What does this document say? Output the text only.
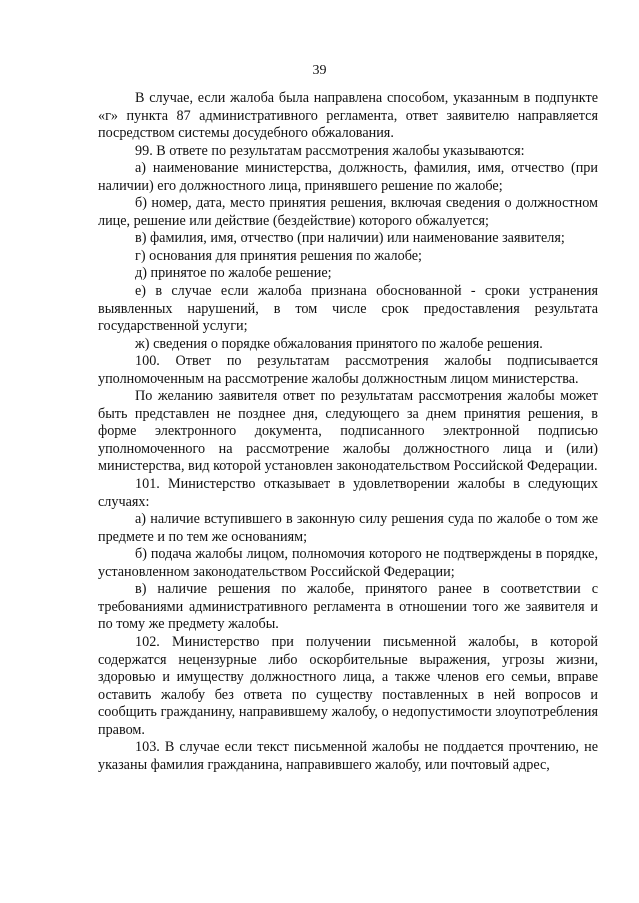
39

В случае, если жалоба была направлена способом, указанным в подпункте «г» пункта 87 административного регламента, ответ заявителю направляется посредством системы досудебного обжалования.

99. В ответе по результатам рассмотрения жалобы указываются:

а) наименование министерства, должность, фамилия, имя, отчество (при наличии) его должностного лица, принявшего решение по жалобе;

б) номер, дата, место принятия решения, включая сведения о должностном лице, решение или действие (бездействие) которого обжалуется;

в) фамилия, имя, отчество (при наличии) или наименование заявителя;

г) основания для принятия решения по жалобе;

д) принятое по жалобе решение;

е) в случае если жалоба признана обоснованной - сроки устранения выявленных нарушений, в том числе срок предоставления результата государственной услуги;

ж) сведения о порядке обжалования принятого по жалобе решения.

100. Ответ по результатам рассмотрения жалобы подписывается уполномоченным на рассмотрение жалобы должностным лицом министерства.

По желанию заявителя ответ по результатам рассмотрения жалобы может быть представлен не позднее дня, следующего за днем принятия решения, в форме электронного документа, подписанного электронной подписью уполномоченного на рассмотрение жалобы должностного лица и (или) министерства, вид которой установлен законодательством Российской Федерации.

101. Министерство отказывает в удовлетворении жалобы в следующих случаях:

а) наличие вступившего в законную силу решения суда по жалобе о том же предмете и по тем же основаниям;

б) подача жалобы лицом, полномочия которого не подтверждены в порядке, установленном законодательством Российской Федерации;

в) наличие решения по жалобе, принятого ранее в соответствии с требованиями административного регламента в отношении того же заявителя и по тому же предмету жалобы.

102. Министерство при получении письменной жалобы, в которой содержатся нецензурные либо оскорбительные выражения, угрозы жизни, здоровью и имуществу должностного лица, а также членов его семьи, вправе оставить жалобу без ответа по существу поставленных в ней вопросов и сообщить гражданину, направившему жалобу, о недопустимости злоупотребления правом.

103. В случае если текст письменной жалобы не поддается прочтению, не указаны фамилия гражданина, направившего жалобу, или почтовый адрес,
